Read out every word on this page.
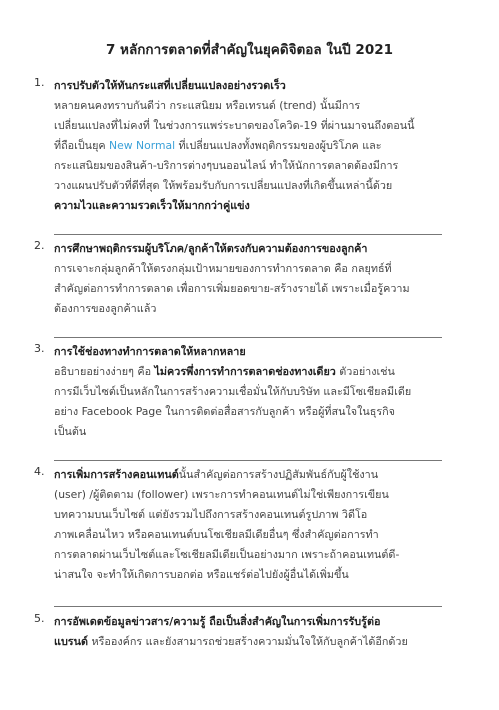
7 หลักการตลาดที่สำคัญในยุคดิจิตอล ในปี 2021
1. การปรับตัวให้ทันกระแสที่เปลี่ยนแปลงอย่างรวดเร็ว
หลายคนคงทราบกันดีว่า กระแสนิยม หรือเทรนด์ (trend) นั้นมีการ
เปลี่ยนแปลงที่ไม่คงที่ ในช่วงการแพร่ระบาดของโควิด-19 ที่ผ่านมาจนถึงตอนนี้
ที่ถือเป็นยุค New Normal ที่เปลี่ยนแปลงทั้งพฤติกรรมของผู้บริโภค และ
กระแสนิยมของสินค้า-บริการต่างๆบนออนไลน์ ทำให้นักการตลาดต้องมีการ
วางแผนปรับตัวที่ดีที่สุด ให้พร้อมรับกับการเปลี่ยนแปลงที่เกิดขึ้นเหล่านี้ด้วย
ความไวและความรวดเร็วให้มากกว่าคู่แข่ง
2. การศึกษาพฤติกรรมผู้บริโภค/ลูกค้าให้ตรงกับความต้องการของลูกค้า
การเจาะกลุ่มลูกค้าให้ตรงกลุ่มเป้าหมายของการทำการตลาด คือ กลยุทธ์ที่
สำคัญต่อการทำการตลาด เพื่อการเพิ่มยอดขาย-สร้างรายได้ เพราะเมื่อรู้ความ
ต้องการของลูกค้าแล้ว
3. การใช้ช่องทางทำการตลาดให้หลากหลาย
อธิบายอย่างง่ายๆ คือ ไม่ควรพึ่งการทำการตลาดช่องทางเดียว ตัวอย่างเช่น
การมีเว็บไซต์เป็นหลักในการสร้างความเชื่อมั่นให้กับบริษัท และมีโซเชียลมีเดีย
อย่าง Facebook Page ในการติดต่อสื่อสารกับลูกค้า หรือผู้ที่สนใจในธุรกิจ
เป็นต้น
4. การเพิ่มการสร้างคอนเทนต์นั้นสำคัญต่อการสร้างปฏิสัมพันธ์กับผู้ใช้งาน
(user) /ผู้ติดตาม (follower) เพราะการทำคอนเทนต์ไม่ใช่เพียงการเขียน
บทความบนเว็บไซต์ แต่ยังรวมไปถึงการสร้างคอนเทนต์รูปภาพ วิดีโอ
ภาพเคลื่อนไหว หรือคอนเทนต์บนโซเชียลมีเดียอื่นๆ ซึ่งสำคัญต่อการทำ
การตลาดผ่านเว็บไซต์และโซเชียลมีเดียเป็นอย่างมาก เพราะถ้าคอนเทนต์ดี-
น่าสนใจ จะทำให้เกิดการบอกต่อ หรือแชร์ต่อไปยังผู้อื่นได้เพิ่มขึ้น
5. การอัพเดตข้อมูลข่าวสาร/ความรู้ ถือเป็นสิ่งสำคัญในการเพิ่มการรับรู้ต่อ
แบรนด์ หรือองค์กร และยังสามารถช่วยสร้างความมั่นใจให้กับลูกค้าได้อีกด้วย
